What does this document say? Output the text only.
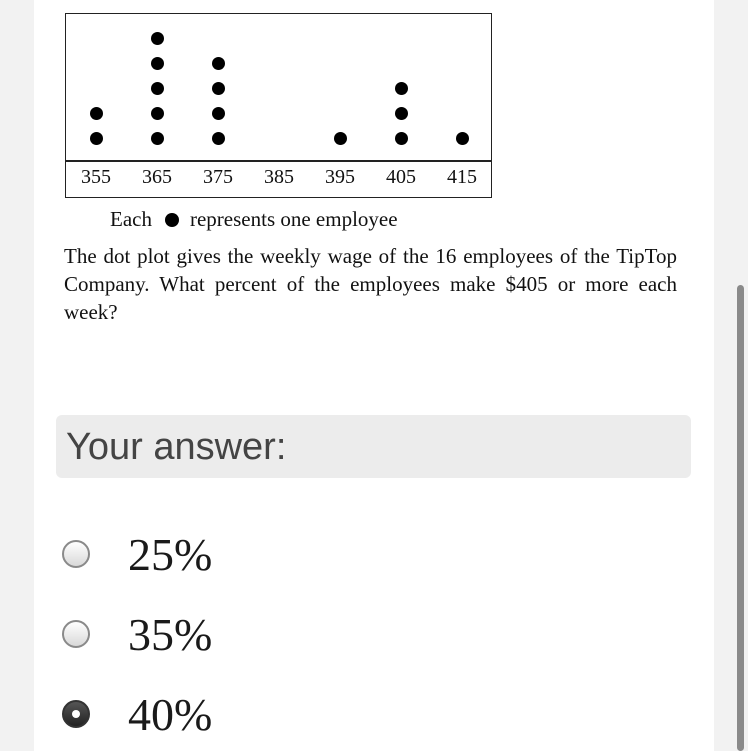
355	365	375	385	395	405	415
Each represents one employee
The dot plot gives the weekly wage of the 16 employees of the TipTop Company. What percent of the employees make $405 or more each week?
Your answer:
25%
35%
40%
